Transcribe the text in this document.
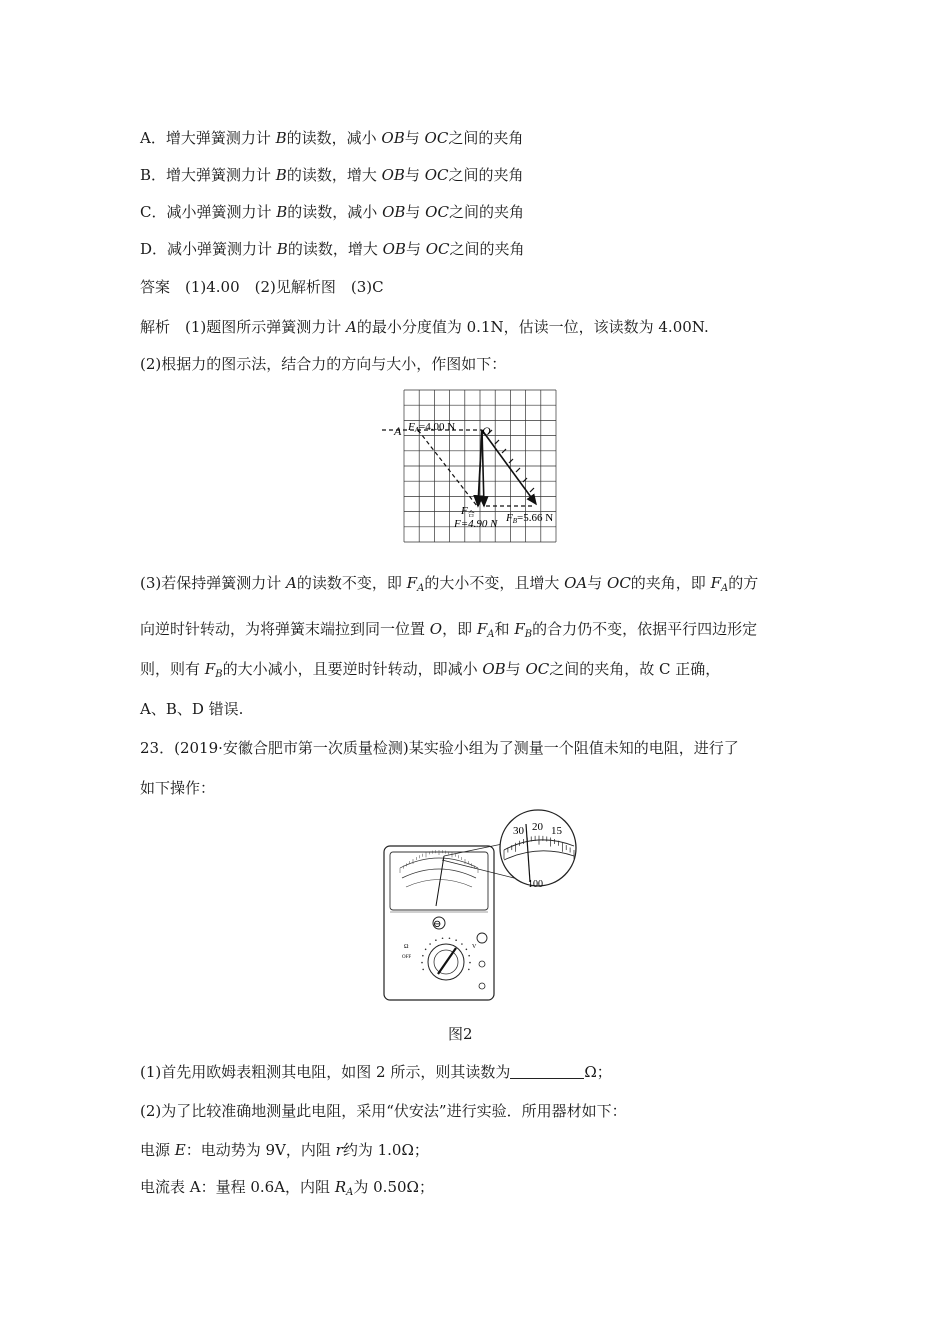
A．增大弹簧测力计 B的读数，减小 OB与 OC之间的夹角
B．增大弹簧测力计 B的读数，增大 OB与 OC之间的夹角
C．减小弹簧测力计 B的读数，减小 OB与 OC之间的夹角
D．减小弹簧测力计 B的读数，增大 OB与 OC之间的夹角
答案　(1)4.00　(2)见解析图　(3)C
解析　(1)题图所示弹簧测力计 A的最小分度值为 0.1N，估读一位，该读数为 4.00N.
(2)根据力的图示法，结合力的方向与大小，作图如下：
A	O
FA=4.00 N
F合
F=4.90 N FB=5.66 N
(3)若保持弹簧测力计 A的读数不变，即 $F_A$的大小不变，且增大 OA与 OC的夹角，即 $F_A$的方
向逆时针转动，为将弹簧末端拉到同一位置 O，即 $F_A$和 $F_B$的合力仍不变，依据平行四边形定
则，则有 $F_B$的大小减小，且要逆时针转动，即减小 OB与 OC之间的夹角，故 C 正确，
A、B、D 错误.
23．(2019·安徽合肥市第一次质量检测)某实验小组为了测量一个阻值未知的电阻，进行了
如下操作：
⊖
Ω	V
OFF
30 20 15
100
图2
(1)首先用欧姆表粗测其电阻，如图 2 所示，则其读数为	Ω；
(2)为了比较准确地测量此电阻，采用“伏安法”进行实验．所用器材如下：
电源 E：电动势为 9V，内阻 r约为 1.0Ω；
电流表 A：量程 0.6A，内阻 $R_A$为 0.50Ω；
